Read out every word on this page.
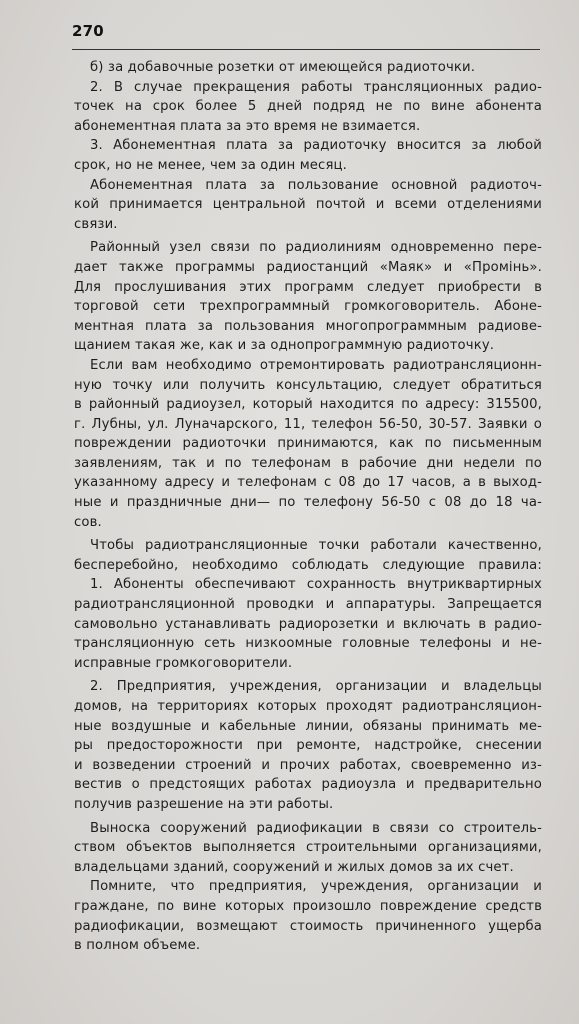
270
б) за добавочные розетки от имеющейся радиоточки.
2. В случае прекращения работы трансляционных радио-
точек на срок более 5 дней подряд не по вине абонента
абонементная плата за это время не взимается.
3. Абонементная плата за радиоточку вносится за любой
срок, но не менее, чем за один месяц.
Абонементная плата за пользование основной радиоточ-
кой принимается центральной почтой и всеми отделениями
связи.
Районный узел связи по радиолиниям одновременно пере-
дает также программы радиостанций «Маяк» и «Промінь».
Для прослушивания этих программ следует приобрести в
торговой сети трехпрограммный громкоговоритель. Абоне-
ментная плата за пользования многопрограммным радиове-
щанием такая же, как и за однопрограммную радиоточку.
Если вам необходимо отремонтировать радиотрансляционн-
ную точку или получить консультацию, следует обратиться
в районный радиоузел, который находится по адресу: 315500,
г. Лубны, ул. Луначарского, 11, телефон 56-50, 30-57. Заявки о
повреждении радиоточки принимаются, как по письменным
заявлениям, так и по телефонам в рабочие дни недели по
указанному адресу и телефонам с 08 до 17 часов, а в выход-
ные и праздничные дни— по телефону 56-50 с 08 до 18 ча-
сов.
Чтобы радиотрансляционные точки работали качественно,
бесперебойно, необходимо соблюдать следующие правила:
1. Абоненты обеспечивают сохранность внутриквартирных
радиотрансляционной проводки и аппаратуры. Запрещается
самовольно устанавливать радиорозетки и включать в радио-
трансляционную сеть низкоомные головные телефоны и не-
исправные громкоговорители.
2. Предприятия, учреждения, организации и владельцы
домов, на территориях которых проходят радиотрансляцион-
ные воздушные и кабельные линии, обязаны принимать ме-
ры предосторожности при ремонте, надстройке, снесении
и возведении строений и прочих работах, своевременно из-
вестив о предстоящих работах радиоузла и предварительно
получив разрешение на эти работы.
Выноска сооружений радиофикации в связи со строитель-
ством объектов выполняется строительными организациями,
владельцами зданий, сооружений и жилых домов за их счет.
Помните, что предприятия, учреждения, организации и
граждане, по вине которых произошло повреждение средств
радиофикации, возмещают стоимость причиненного ущерба
в полном объеме.
